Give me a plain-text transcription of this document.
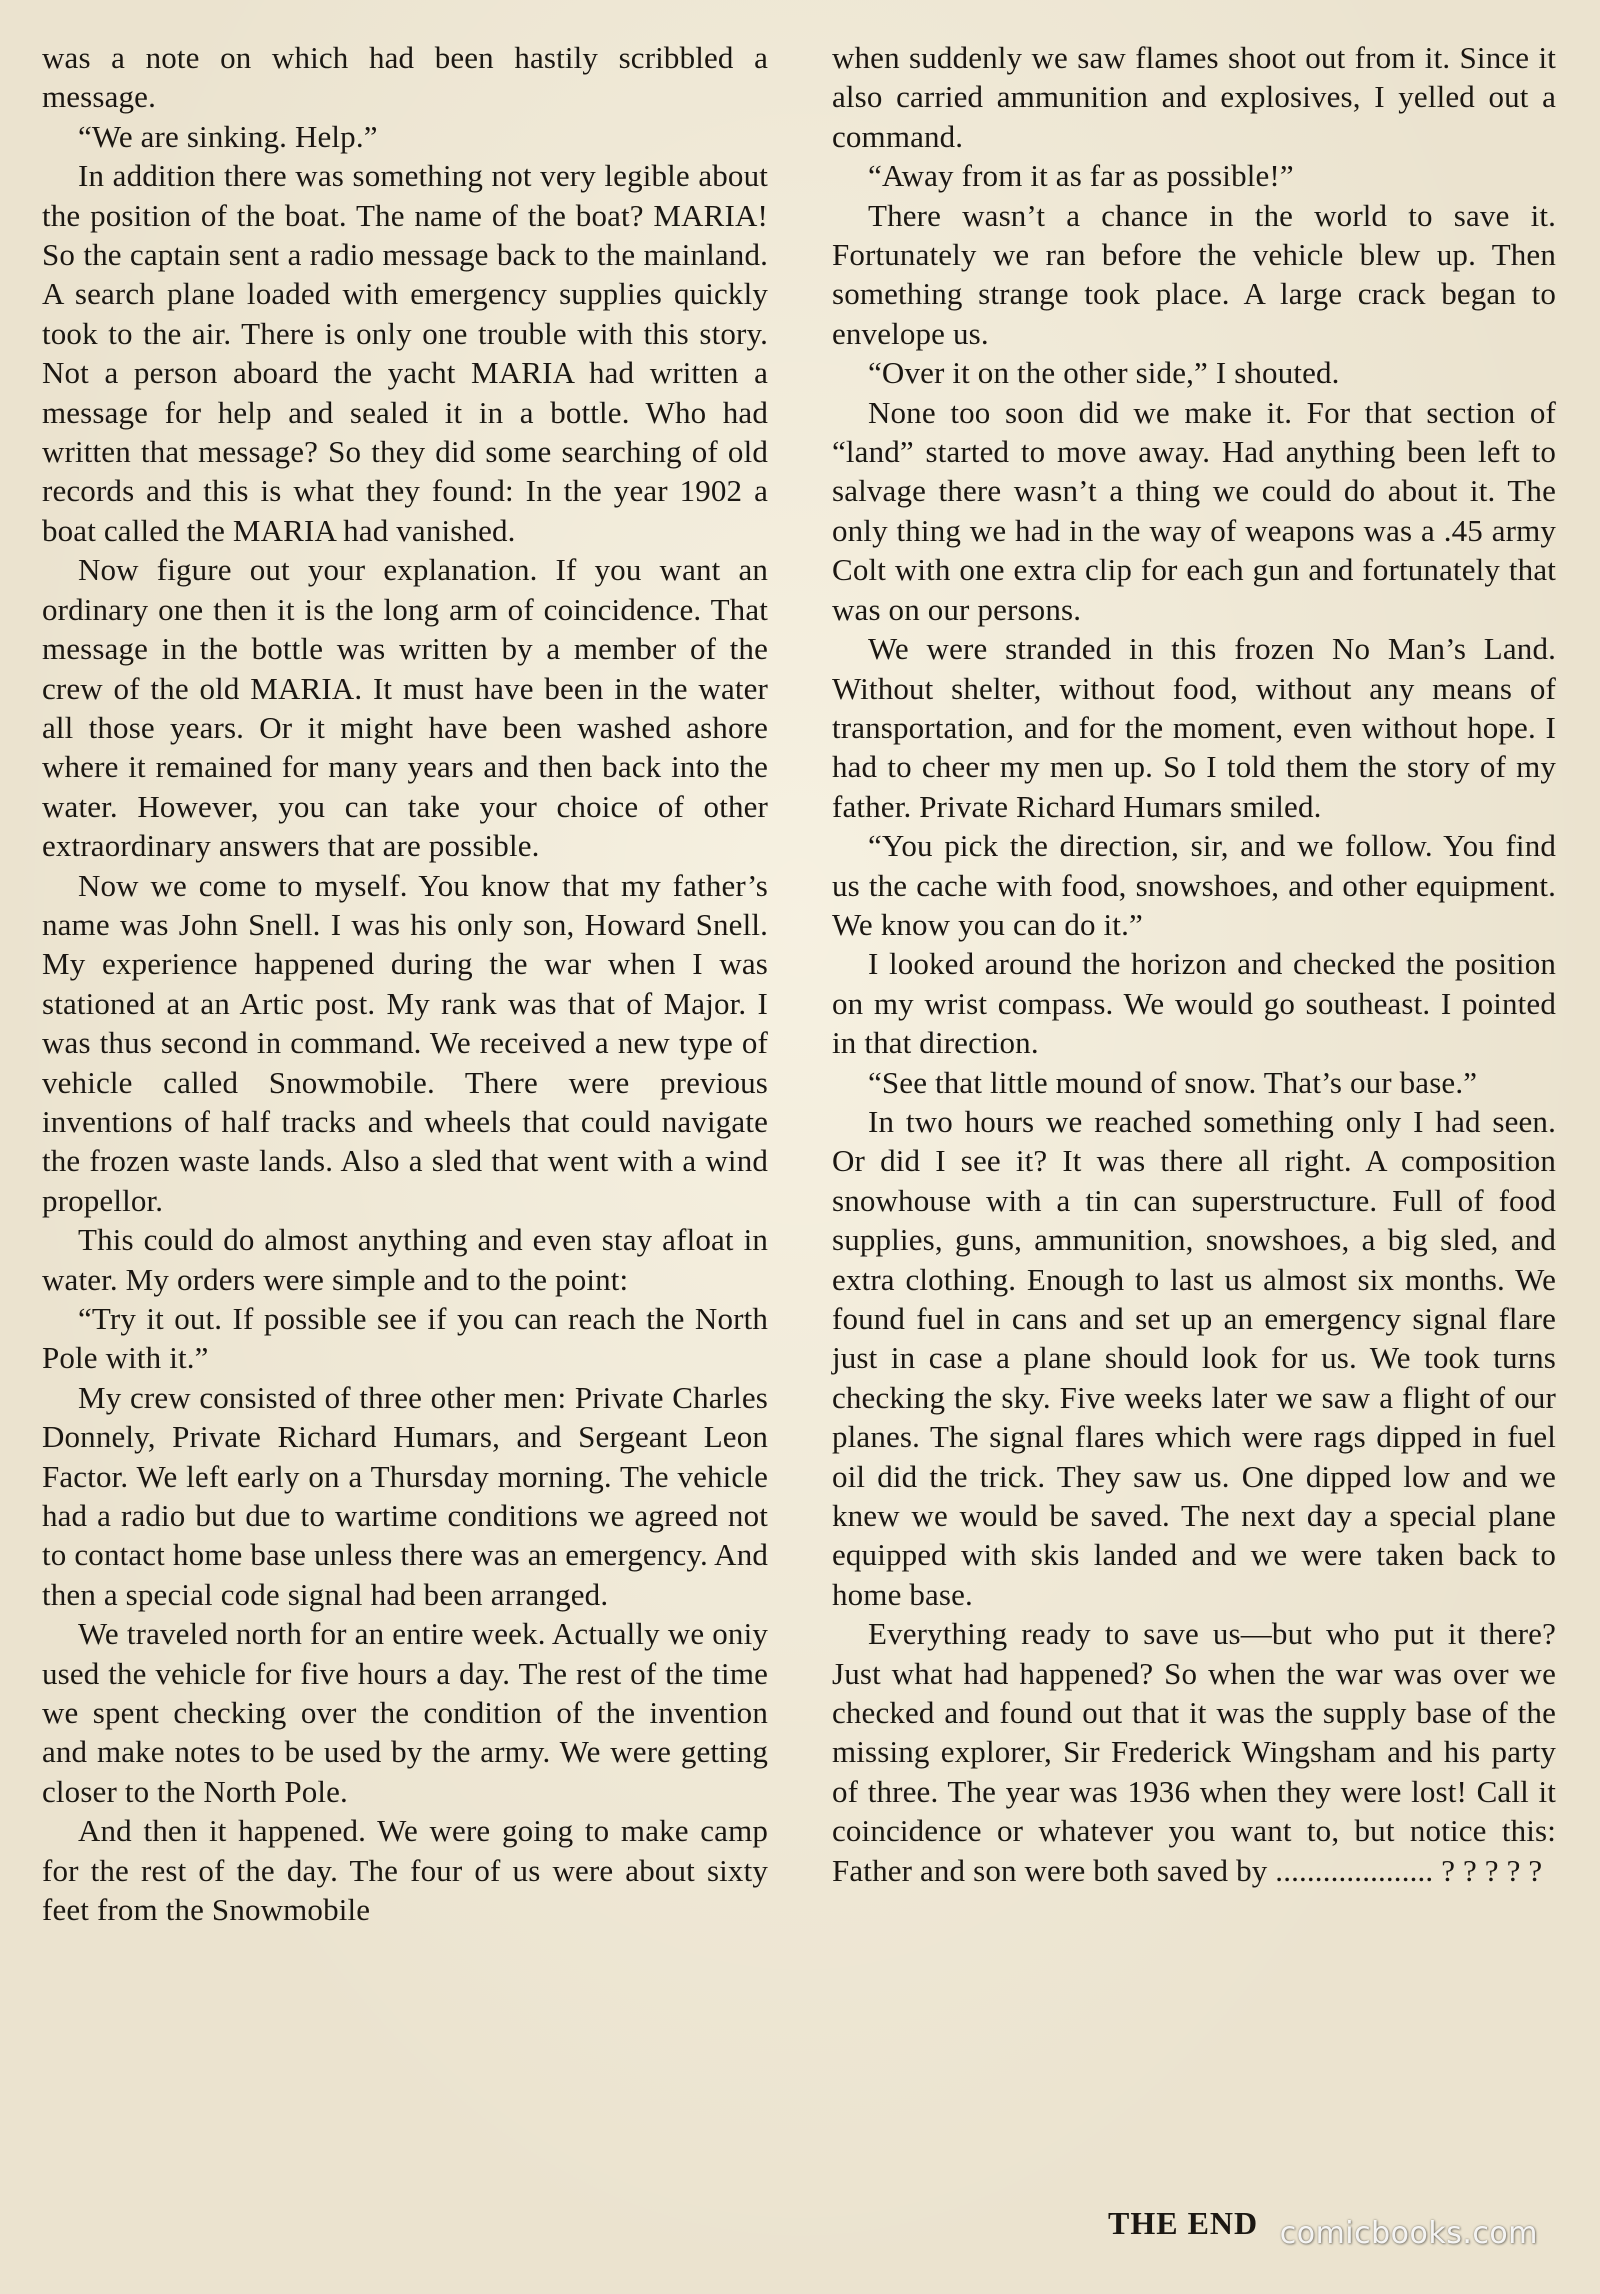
was a note on which had been hastily scribbled a message.

“We are sinking. Help.”

In addition there was something not very legible about the position of the boat. The name of the boat? MARIA! So the captain sent a radio message back to the mainland. A search plane loaded with emergency supplies quickly took to the air. There is only one trouble with this story. Not a person aboard the yacht MARIA had written a message for help and sealed it in a bottle. Who had written that message? So they did some searching of old records and this is what they found: In the year 1902 a boat called the MARIA had vanished.

Now figure out your explanation. If you want an ordinary one then it is the long arm of coincidence. That message in the bottle was written by a member of the crew of the old MARIA. It must have been in the water all those years. Or it might have been washed ashore where it remained for many years and then back into the water. However, you can take your choice of other extraordinary answers that are possible.

Now we come to myself. You know that my father’s name was John Snell. I was his only son, Howard Snell. My experience happened during the war when I was stationed at an Artic post. My rank was that of Major. I was thus second in command. We received a new type of vehicle called Snowmobile. There were previous inventions of half tracks and wheels that could navigate the frozen waste lands. Also a sled that went with a wind propellor.

This could do almost anything and even stay afloat in water. My orders were simple and to the point:

“Try it out. If possible see if you can reach the North Pole with it.”

My crew consisted of three other men: Private Charles Donnely, Private Richard Humars, and Sergeant Leon Factor. We left early on a Thursday morning. The vehicle had a radio but due to wartime conditions we agreed not to contact home base unless there was an emergency. And then a special code signal had been arranged.

We traveled north for an entire week. Actually we oniy used the vehicle for five hours a day. The rest of the time we spent checking over the condition of the invention and make notes to be used by the army. We were getting closer to the North Pole.

And then it happened. We were going to make camp for the rest of the day. The four of us were about sixty feet from the Snowmobile

when suddenly we saw flames shoot out from it. Since it also carried ammunition and explosives, I yelled out a command.

“Away from it as far as possible!”

There wasn’t a chance in the world to save it. Fortunately we ran before the vehicle blew up. Then something strange took place. A large crack began to envelope us.

“Over it on the other side,” I shouted.

None too soon did we make it. For that section of “land” started to move away. Had anything been left to salvage there wasn’t a thing we could do about it. The only thing we had in the way of weapons was a .45 army Colt with one extra clip for each gun and fortunately that was on our persons.

We were stranded in this frozen No Man’s Land. Without shelter, without food, without any means of transportation, and for the moment, even without hope. I had to cheer my men up. So I told them the story of my father. Private Richard Humars smiled.

“You pick the direction, sir, and we follow. You find us the cache with food, snowshoes, and other equipment. We know you can do it.”

I looked around the horizon and checked the position on my wrist compass. We would go southeast. I pointed in that direction.

“See that little mound of snow. That’s our base.”

In two hours we reached something only I had seen. Or did I see it? It was there all right. A composition snowhouse with a tin can superstructure. Full of food supplies, guns, ammunition, snowshoes, a big sled, and extra clothing. Enough to last us almost six months. We found fuel in cans and set up an emergency signal flare just in case a plane should look for us. We took turns checking the sky. Five weeks later we saw a flight of our planes. The signal flares which were rags dipped in fuel oil did the trick. They saw us. One dipped low and we knew we would be saved. The next day a special plane equipped with skis landed and we were taken back to home base.

Everything ready to save us—but who put it there? Just what had happened? So when the war was over we checked and found out that it was the supply base of the missing explorer, Sir Frederick Wingsham and his party of three. The year was 1936 when they were lost! Call it coincidence or whatever you want to, but notice this: Father and son were both saved by .................... ? ? ? ? ?

THE END comicbooks.com
